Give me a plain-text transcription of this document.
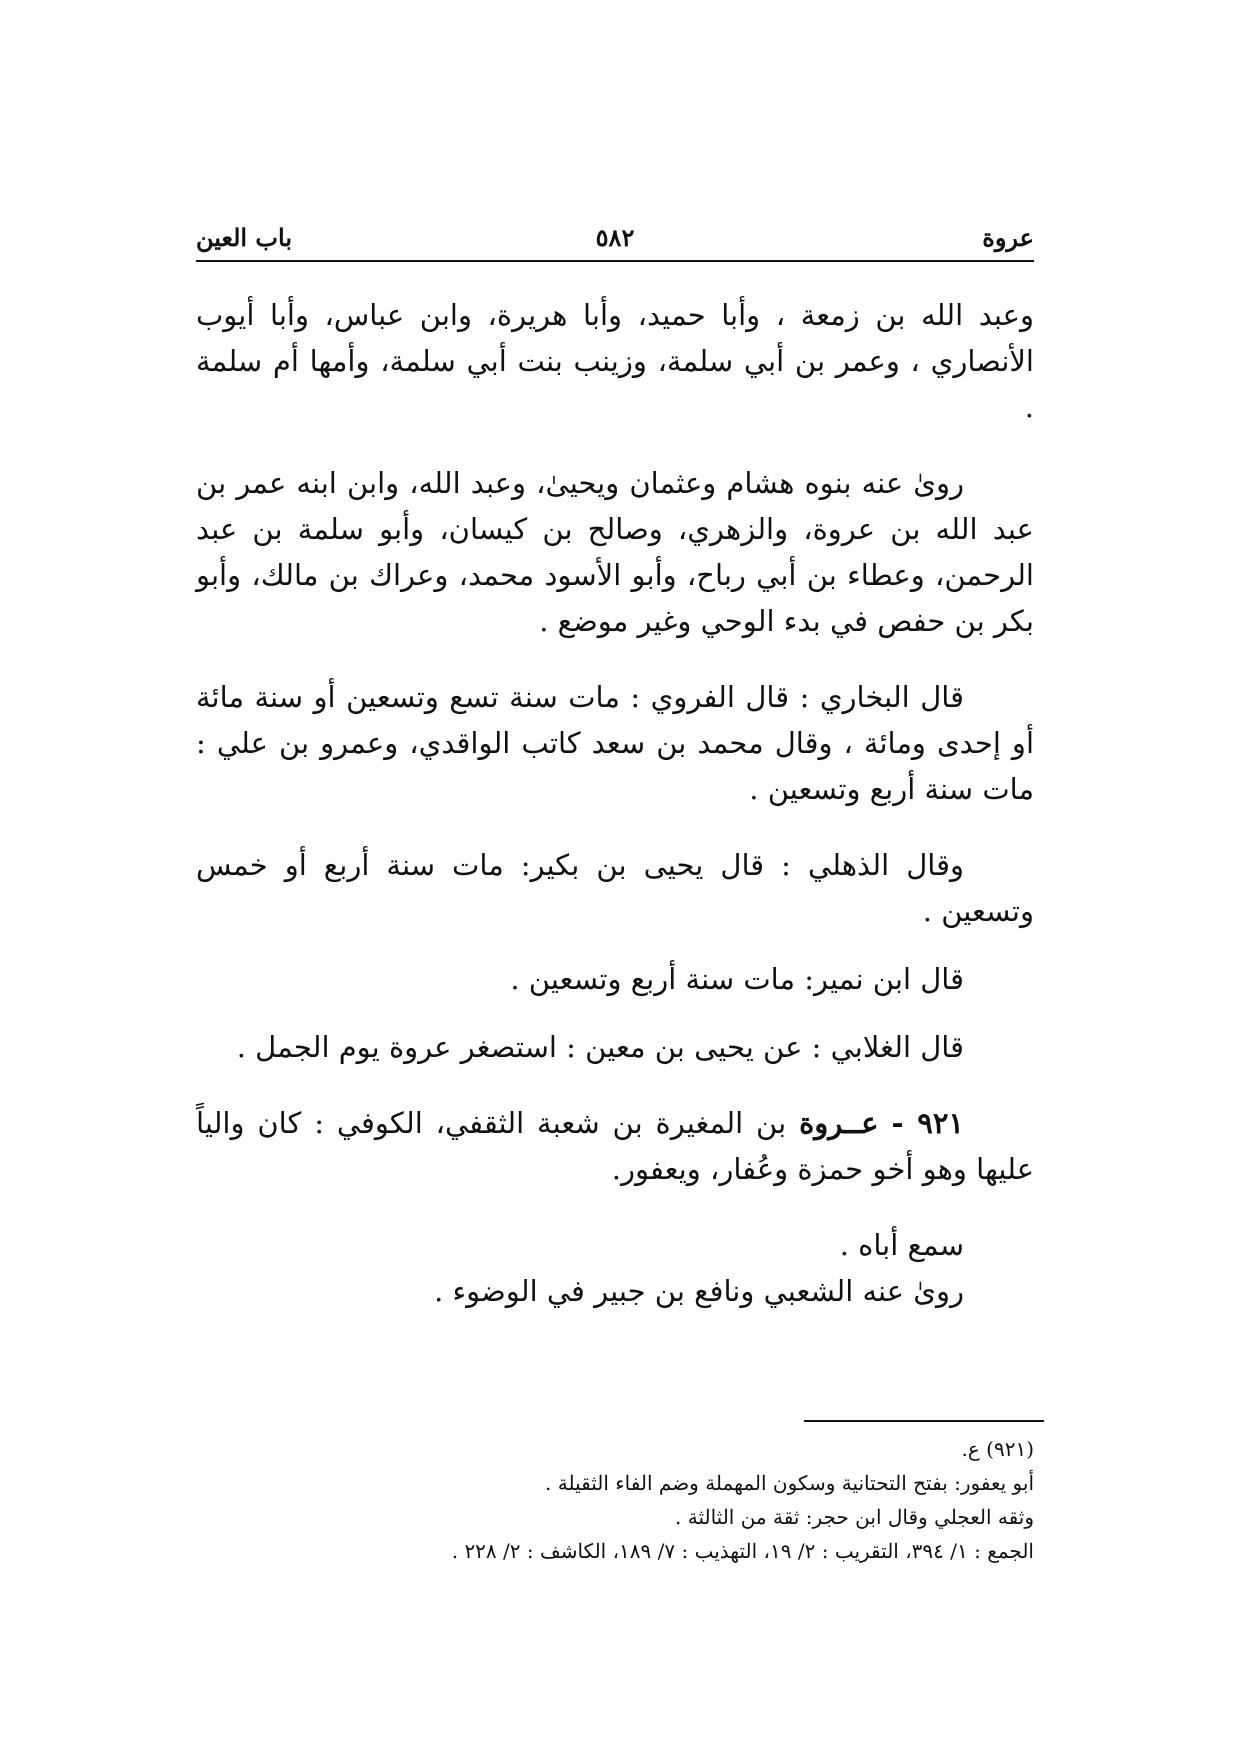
عروة
٥٨٢
باب العين

وعبد الله بن زمعة ، وأبا حميد، وأبا هريرة، وابن عباس، وأبا أيوب الأنصاري ، وعمر بن أبي سلمة، وزينب بنت أبي سلمة، وأمها أم سلمة .

روىٰ عنه بنوه هشام وعثمان ويحيىٰ، وعبد الله، وابن ابنه عمر بن عبد الله بن عروة، والزهري، وصالح بن كيسان، وأبو سلمة بن عبد الرحمن، وعطاء بن أبي رباح، وأبو الأسود محمد، وعراك بن مالك، وأبو بكر بن حفص في بدء الوحي وغير موضع .

قال البخاري : قال الفروي : مات سنة تسع وتسعين أو سنة مائة أو إحدى ومائة ، وقال محمد بن سعد كاتب الواقدي، وعمرو بن علي : مات سنة أربع وتسعين .

وقال الذهلي : قال يحيى بن بكير: مات سنة أربع أو خمس وتسعين .

قال ابن نمير: مات سنة أربع وتسعين .

قال الغلابي : عن يحيى بن معين : استصغر عروة يوم الجمل .

٩٢١ - عــروة بن المغيرة بن شعبة الثقفي، الكوفي : كان والياً عليها وهو أخو حمزة وعُفار، ويعفور.

سمع أباه .

روىٰ عنه الشعبي ونافع بن جبير في الوضوء .

(٩٢١) ع.

أبو يعفور: بفتح التحتانية وسكون المهملة وضم الفاء الثقيلة .

وثقه العجلي وقال ابن حجر: ثقة من الثالثة .

الجمع : ١/ ٣٩٤، التقريب : ٢/ ١٩، التهذيب : ٧/ ١٨٩، الكاشف : ٢/ ٢٢٨ .
